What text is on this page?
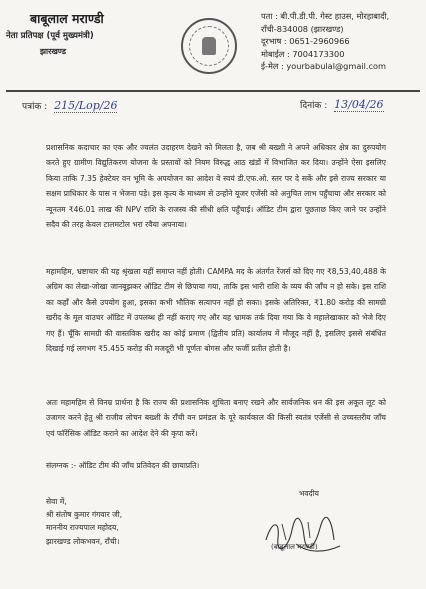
बाबूलाल मराण्डी
नेता प्रतिपक्ष (पूर्व मुख्यमंत्री)
झारखण्ड
पता : बी.पी.डी.पी. गेस्ट हाउस, मोरहाबादी,
राँची-834008 (झारखण्ड)
दूरभाष : 0651-2960966
मोबाईल : 7004173300
ई-मेल : yourbabulal@gmail.com
पत्रांक : 215/Lop/26	दिनांक : 13/04/26

प्रशासनिक कदाचार का एक और ज्वलंत उदाहरण देखने को मिलता है, जब श्री बख्शी ने अपने अधिकार क्षेत्र का दुरुपयोग करते हुए ग्रामीण विद्युतिकरण योजना के प्रस्तावों को नियम विरुद्ध आठ खंडों में विभाजित कर दिया। उन्होंने ऐसा इसलिए किया ताकि 7.35 हेक्टेयर वन भूमि के अपयोजन का आदेश वे स्वयं डी.एफ.ओ. स्तर पर दे सकें और इसे राज्य सरकार या सक्षम प्राधिकार के पास न भेजना पड़े। इस कृत्य के माध्यम से उन्होंने यूजर एजेंसी को अनुचित लाभ पहुँचाया और सरकार को न्यूनतम ₹46.01 लाख की NPV राशि के राजस्व की सीधी क्षति पहुँचाई। ऑडिट टीम द्वारा पूछताछ किए जाने पर उन्होंने सदैव की तरह केवल टालमटोल भरा रवैया अपनाया।

महामहिम, भ्रष्टाचार की यह श्रृंखला यहीं समाप्त नहीं होती। CAMPA मद के अंतर्गत रेंजर्स को दिए गए ₹8,53,40,488 के अग्रिम का लेखा-जोखा जानबूझकर ऑडिट टीम से छिपाया गया, ताकि इस भारी राशि के व्यय की जाँच न हो सके। इस राशि का कहाँ और कैसे उपयोग हुआ, इसका कभी भौतिक सत्यापन नहीं हो सका। इसके अतिरिक्त, ₹1.80 करोड़ की सामग्री खरीद के मूल वाउचर ऑडिट में उपलब्ध ही नहीं कराए गए और यह भ्रामक तर्क दिया गया कि वे महालेखाकार को भेजे दिए गए हैं। चूँकि सामग्री की वास्तविक खरीद का कोई प्रमाण (द्वितीय प्रति) कार्यालय में मौजूद नहीं है, इसलिए इससे संबंधित दिखाई गई लगभग ₹5.455 करोड़ की मजदूरी भी पूर्णतः बोगस और फर्जी प्रतीत होती है।

अतः महामहिम से विनम्र प्रार्थना है कि राज्य की प्रशासनिक शुचिता बनाए रखने और सार्वजनिक धन की इस अकूत लूट को उजागर करने हेतु श्री राजीव लोचन बख्शी के राँची वन प्रमंडल के पूरे कार्यकाल की किसी स्वतंत्र एजेंसी से उच्चस्तरीय जाँच एवं फॉरेंसिक ऑडिट कराने का आदेश देने की कृपा करें।

संलग्नक :- ऑडिट टीम की जाँच प्रतिवेदन की छायाप्रति।
सेवा में,
श्री संतोष कुमार गंगवार जी,
माननीय राज्यपाल महोदय,
झारखण्ड लोकभवन, राँची।
भवदीय
(बाबूलाल मराण्डी)
